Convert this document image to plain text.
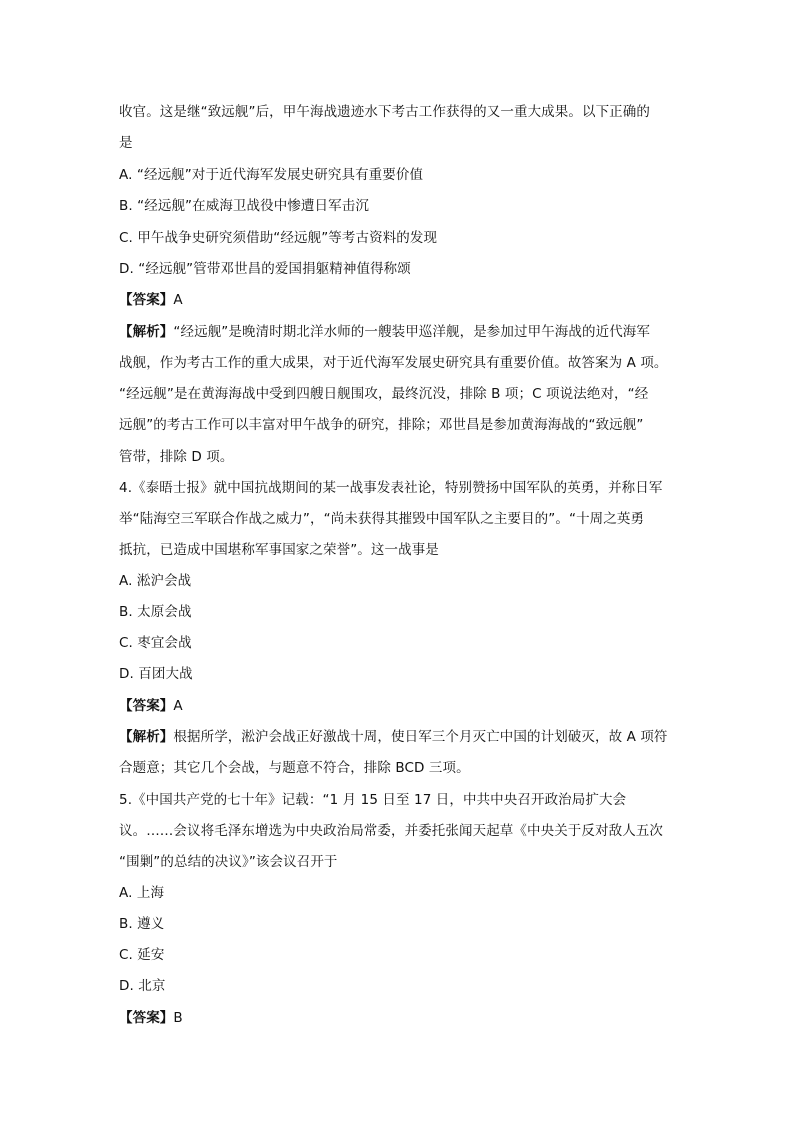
收官。这是继“致远舰”后，甲午海战遗迹水下考古工作获得的又一重大成果。以下正确的
是
A. “经远舰”对于近代海军发展史研究具有重要价值
B. “经远舰”在威海卫战役中惨遭日军击沉
C. 甲午战争史研究须借助“经远舰”等考古资料的发现
D. “经远舰”管带邓世昌的爱国捐躯精神值得称颂
【答案】A
【解析】“经远舰”是晚清时期北洋水师的一艘装甲巡洋舰，是参加过甲午海战的近代海军
战舰，作为考古工作的重大成果，对于近代海军发展史研究具有重要价值。故答案为 A 项。
“经远舰”是在黄海海战中受到四艘日舰围攻，最终沉没，排除 B 项；C 项说法绝对，“经
远舰”的考古工作可以丰富对甲午战争的研究，排除；邓世昌是参加黄海海战的“致远舰”
管带，排除 D 项。
4.《泰晤士报》就中国抗战期间的某一战事发表社论，特别赞扬中国军队的英勇，并称日军
举“陆海空三军联合作战之威力”，“尚未获得其摧毁中国军队之主要目的”。“十周之英勇
抵抗，已造成中国堪称军事国家之荣誉”。这一战事是
A. 淞沪会战
B. 太原会战
C. 枣宜会战
D. 百团大战
【答案】A
【解析】根据所学，淞沪会战正好激战十周，使日军三个月灭亡中国的计划破灭，故 A 项符
合题意；其它几个会战，与题意不符合，排除 BCD 三项。
5.《中国共产党的七十年》记载：“1 月 15 日至 17 日，中共中央召开政治局扩大会
议。……会议将毛泽东增选为中央政治局常委，并委托张闻天起草《中央关于反对敌人五次
“围剿”的总结的决议》”该会议召开于
A. 上海
B. 遵义
C. 延安
D. 北京
【答案】B
